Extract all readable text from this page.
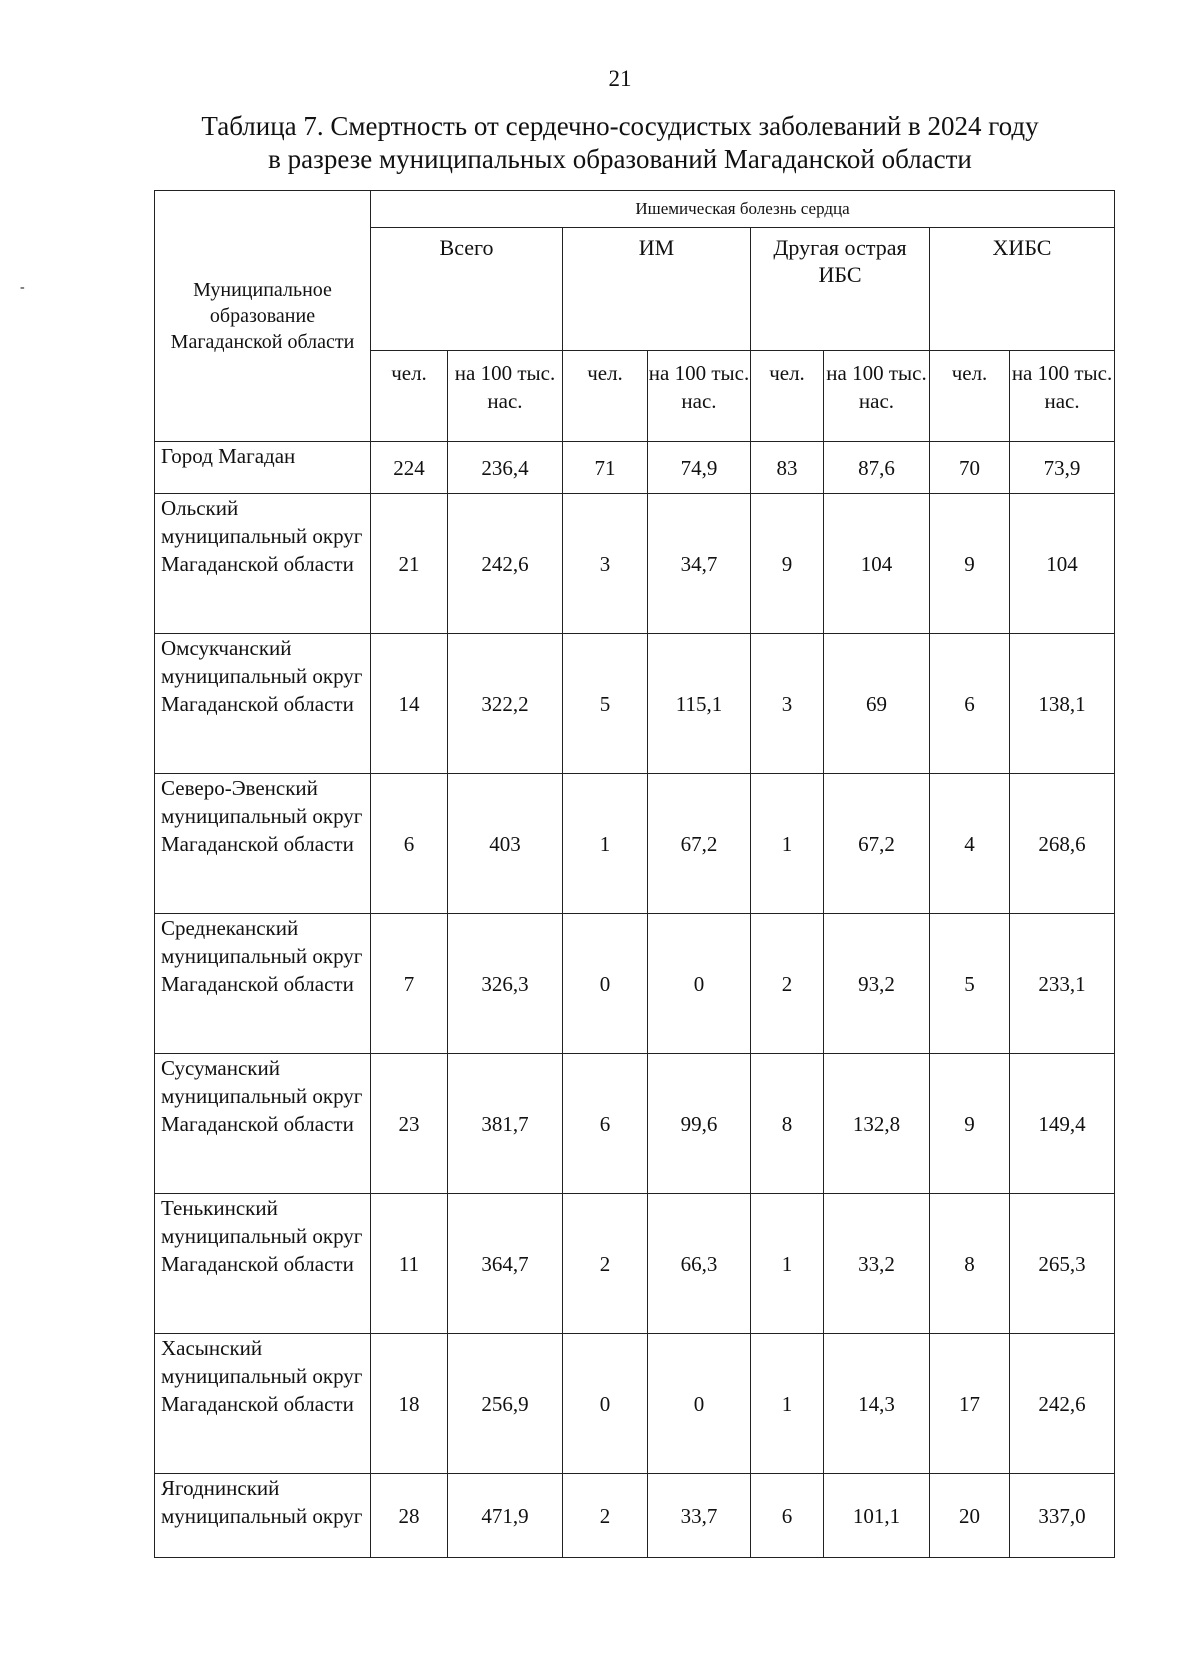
21
Таблица 7. Смертность от сердечно-сосудистых заболеваний в 2024 году
в разрезе муниципальных образований Магаданской области
-	Муниципальное образование Магаданской области	Ишемическая болезнь сердца							
	Всего		ИМ		Другая острая ИБС		ХИБС	
	чел.	на 100 тыс. нас.	чел.	на 100 тыс. нас.	чел.	на 100 тыс. нас.	чел.	на 100 тыс. нас.
Город Магадан	224	236,4	71	74,9	83	87,6	70	73,9
Ольский муниципальный округ Магаданской области	21	242,6	3	34,7	9	104	9	104
Омсукчанский муниципальный округ Магаданской области	14	322,2	5	115,1	3	69	6	138,1
Северо-Эвенский муниципальный округ Магаданской области	6	403	1	67,2	1	67,2	4	268,6
Среднеканский муниципальный округ Магаданской области	7	326,3	0	0	2	93,2	5	233,1
Сусуманский муниципальный округ Магаданской области	23	381,7	6	99,6	8	132,8	9	149,4
Тенькинский муниципальный округ Магаданской области	11	364,7	2	66,3	1	33,2	8	265,3
Хасынский муниципальный округ Магаданской области	18	256,9	0	0	1	14,3	17	242,6
Ягоднинский муниципальный округ	28	471,9	2	33,7	6	101,1	20	337,0
